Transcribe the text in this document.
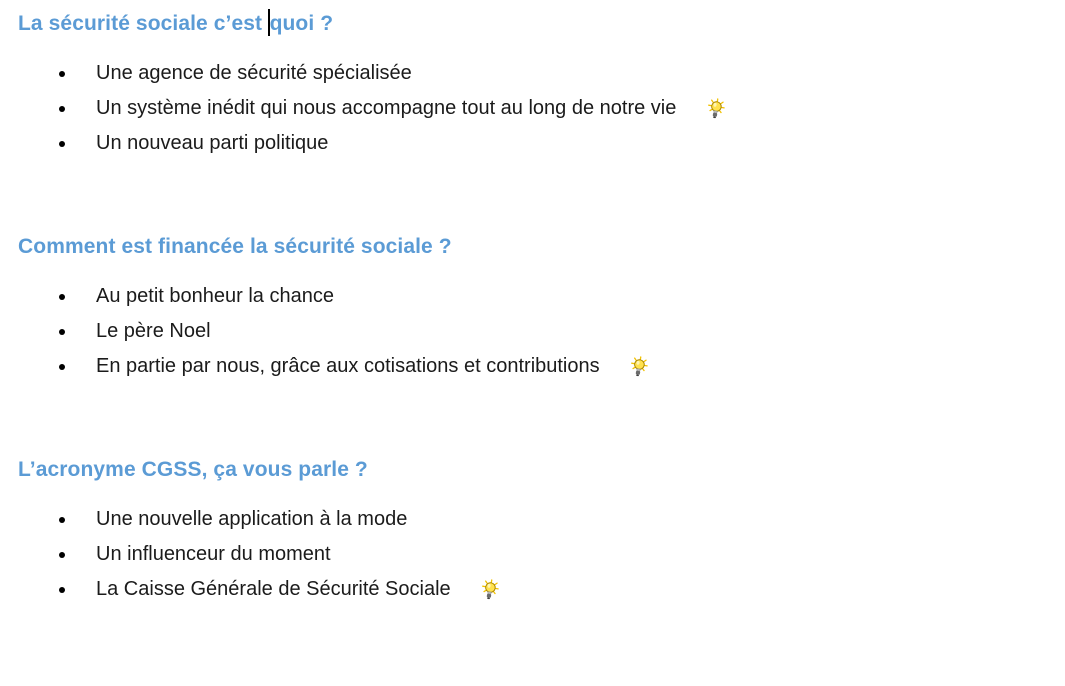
La sécurité sociale c’est quoi ?
Une agence de sécurité spécialisée
Un système inédit qui nous accompagne tout au long de notre vie
Un nouveau parti politique
Comment est financée la sécurité sociale ?
Au petit bonheur la chance
Le père Noel
En partie par nous, grâce aux cotisations et contributions
L’acronyme CGSS, ça vous parle ?
Une nouvelle application à la mode
Un influenceur du moment
La Caisse Générale de Sécurité Sociale
